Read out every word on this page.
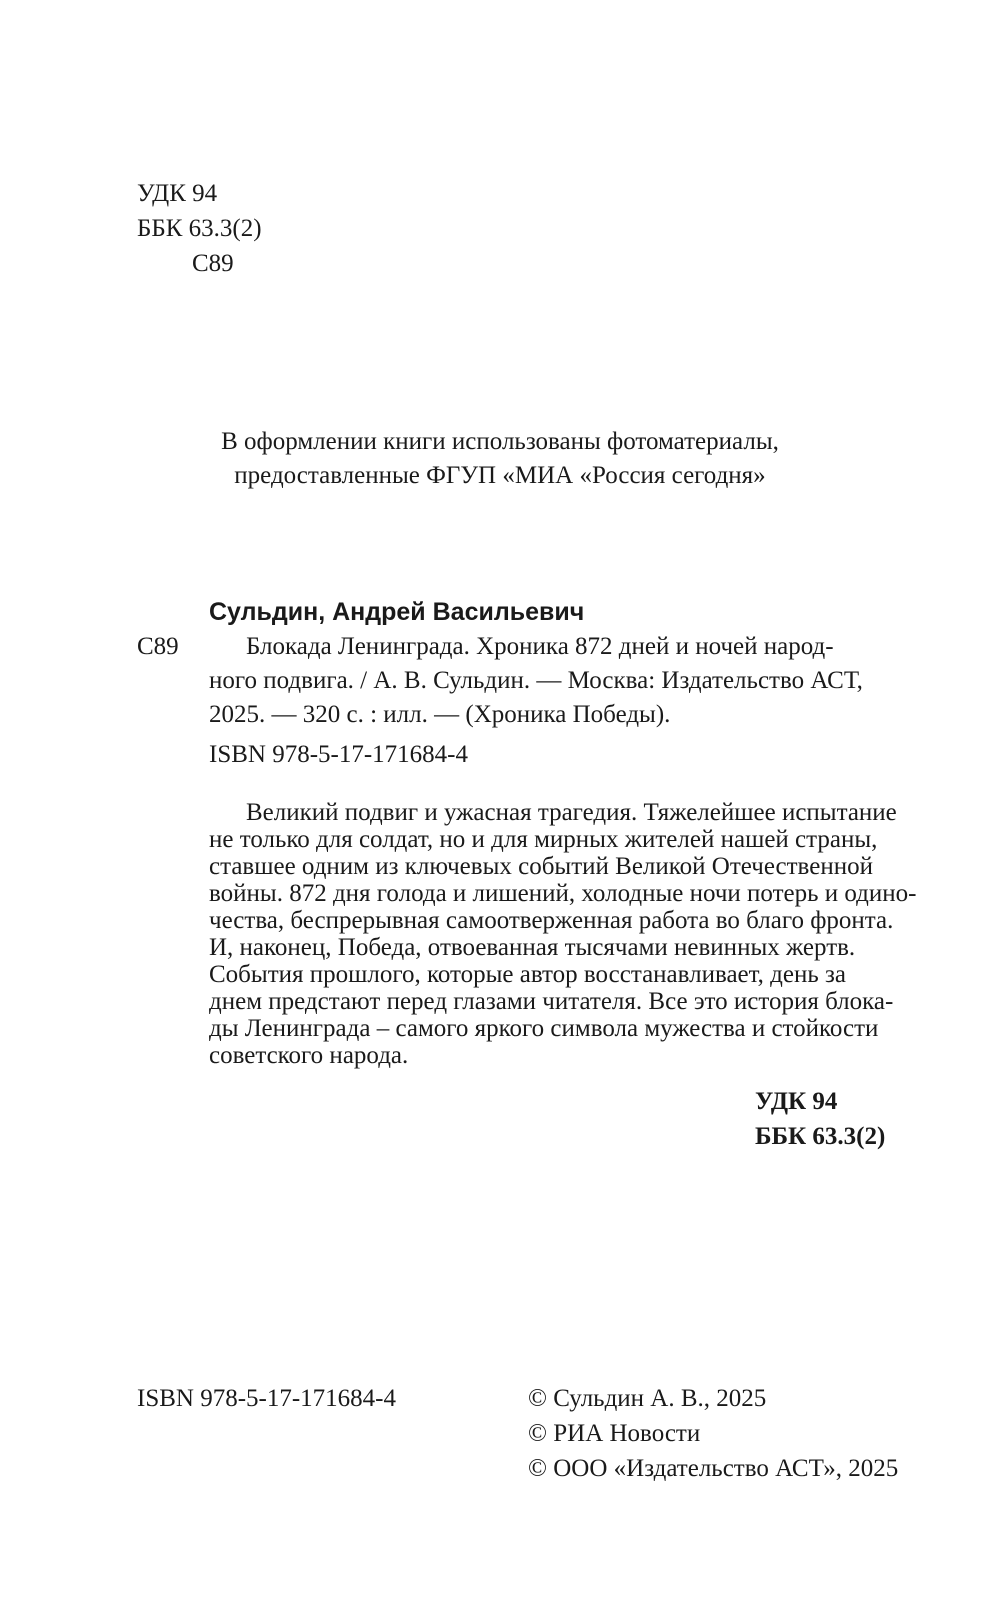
УДК 94
ББК 63.3(2)
С89
В оформлении книги использованы фотоматериалы,
предоставленные ФГУП «МИА «Россия сегодня»
Сульдин, Андрей Васильевич
С89	Блокада Ленинграда. Хроника 872 дней и ночей народ-
ного подвига. / А. В. Сульдин. — Москва: Издательство АСТ,
2025. — 320 с. : илл. — (Хроника Победы).
ISBN 978-5-17-171684-4
Великий подвиг и ужасная трагедия. Тяжелейшее испытание
не только для солдат, но и для мирных жителей нашей страны,
ставшее одним из ключевых событий Великой Отечественной
войны. 872 дня голода и лишений, холодные ночи потерь и одино-
чества, беспрерывная самоотверженная работа во благо фронта.
И, наконец, Победа, отвоеванная тысячами невинных жертв.
События прошлого, которые автор восстанавливает, день за
днем предстают перед глазами читателя. Все это история блока-
ды Ленинграда – самого яркого символа мужества и стойкости
советского народа.
УДК 94
ББК 63.3(2)
ISBN 978-5-17-171684-4	© Сульдин А. В., 2025
© РИА Новости
© ООО «Издательство АСТ», 2025
